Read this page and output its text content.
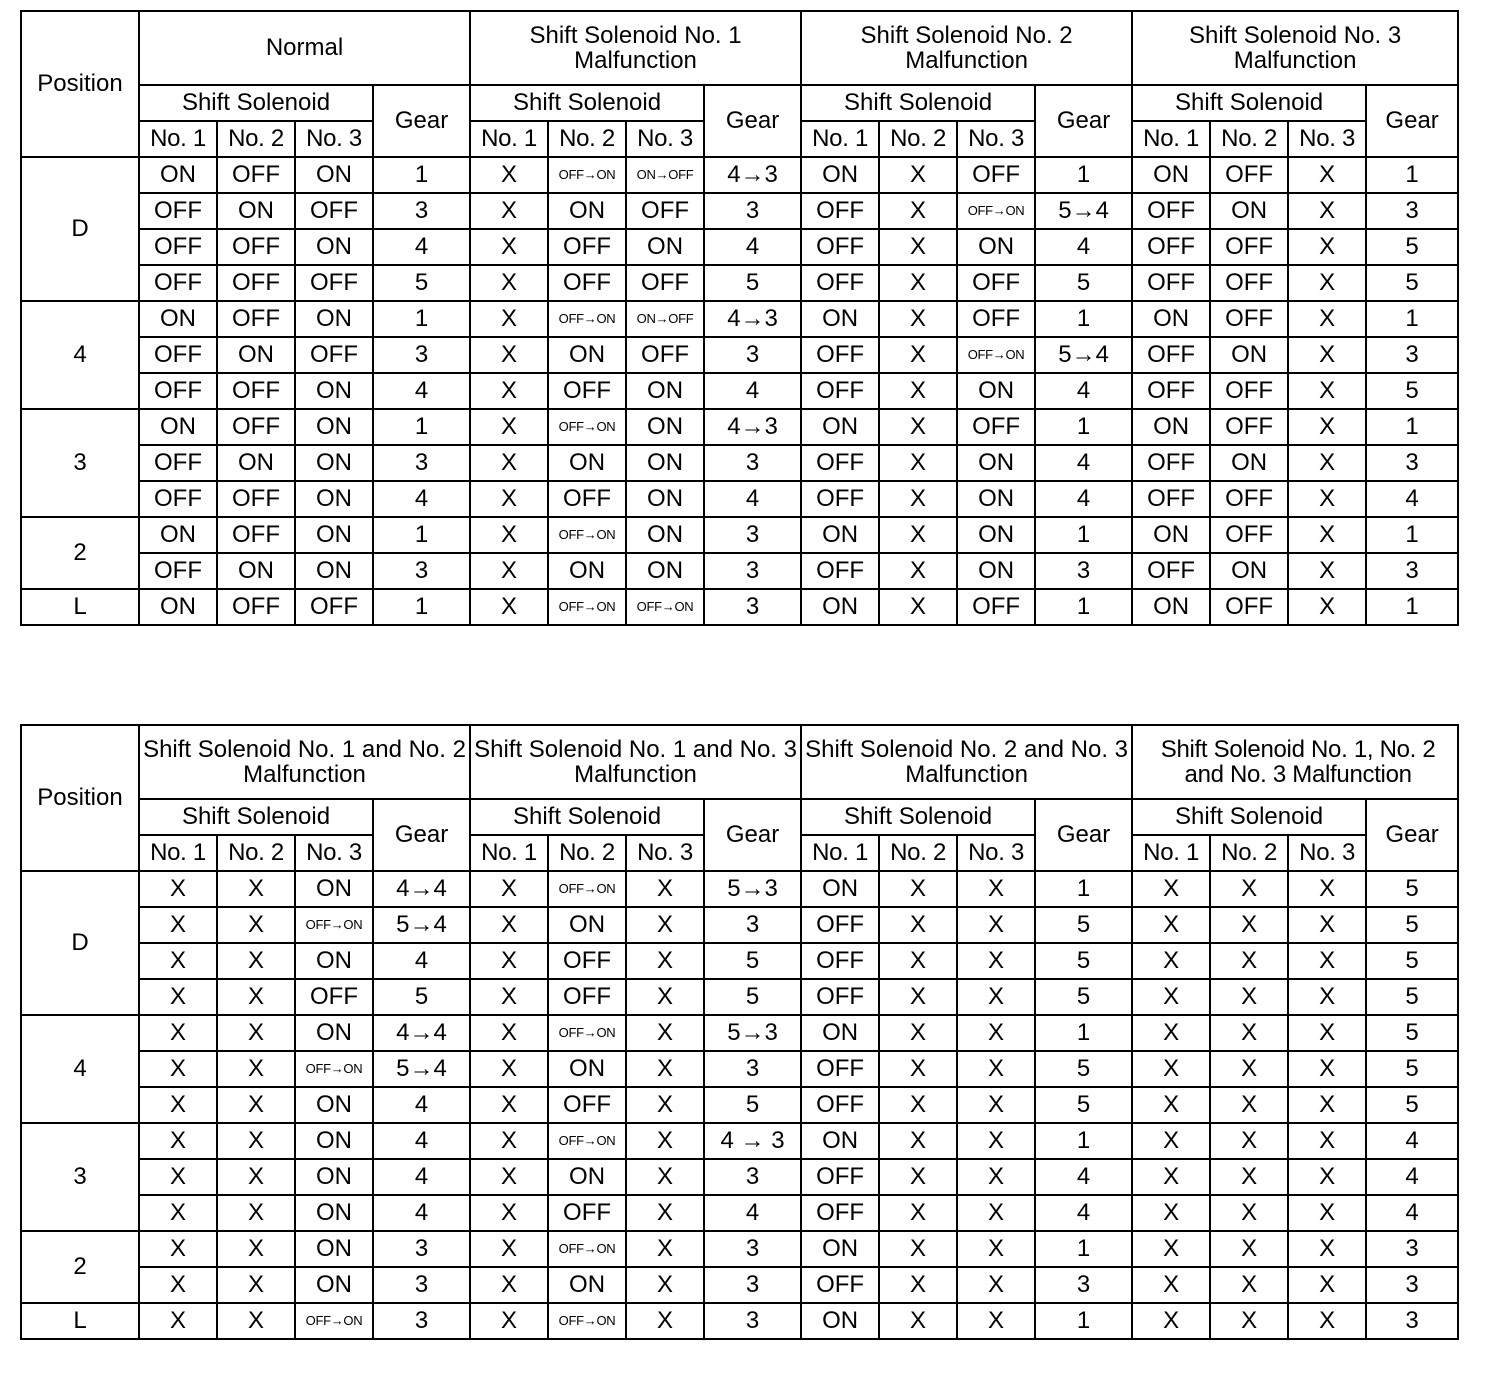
Position	Normal				Shift Solenoid No. 1 Malfunction				Shift Solenoid No. 2 Malfunction				Shift Solenoid No. 3 Malfunction			
	Shift Solenoid			Gear	Shift Solenoid			Gear	Shift Solenoid			Gear	Shift Solenoid			Gear
	No. 1	No. 2	No. 3		No. 1	No. 2	No. 3		No. 1	No. 2	No. 3		No. 1	No. 2	No. 3	
D	ON	OFF	ON	1	X	OFF→ON	ON→OFF	4→3	ON	X	OFF	1	ON	OFF	X	1
	OFF	ON	OFF	3	X	ON	OFF	3	OFF	X	OFF→ON	5→4	OFF	ON	X	3
	OFF	OFF	ON	4	X	OFF	ON	4	OFF	X	ON	4	OFF	OFF	X	5
	OFF	OFF	OFF	5	X	OFF	OFF	5	OFF	X	OFF	5	OFF	OFF	X	5
4	ON	OFF	ON	1	X	OFF→ON	ON→OFF	4→3	ON	X	OFF	1	ON	OFF	X	1
	OFF	ON	OFF	3	X	ON	OFF	3	OFF	X	OFF→ON	5→4	OFF	ON	X	3
	OFF	OFF	ON	4	X	OFF	ON	4	OFF	X	ON	4	OFF	OFF	X	5
3	ON	OFF	ON	1	X	OFF→ON	ON	4→3	ON	X	OFF	1	ON	OFF	X	1
	OFF	ON	ON	3	X	ON	ON	3	OFF	X	ON	4	OFF	ON	X	3
	OFF	OFF	ON	4	X	OFF	ON	4	OFF	X	ON	4	OFF	OFF	X	4
2	ON	OFF	ON	1	X	OFF→ON	ON	3	ON	X	ON	1	ON	OFF	X	1
	OFF	ON	ON	3	X	ON	ON	3	OFF	X	ON	3	OFF	ON	X	3
L	ON	OFF	OFF	1	X	OFF→ON	OFF→ON	3	ON	X	OFF	1	ON	OFF	X	1
Position	Shift Solenoid No. 1 and No. 2 Malfunction				Shift Solenoid No. 1 and No. 3 Malfunction				Shift Solenoid No. 2 and No. 3 Malfunction				Shift Solenoid No. 1, No. 2 and No. 3 Malfunction			
	Shift Solenoid			Gear	Shift Solenoid			Gear	Shift Solenoid			Gear	Shift Solenoid			Gear
	No. 1	No. 2	No. 3		No. 1	No. 2	No. 3		No. 1	No. 2	No. 3		No. 1	No. 2	No. 3	
D	X	X	ON	4→4	X	OFF→ON	X	5→3	ON	X	X	1	X	X	X	5
	X	X	OFF→ON	5→4	X	ON	X	3	OFF	X	X	5	X	X	X	5
	X	X	ON	4	X	OFF	X	5	OFF	X	X	5	X	X	X	5
	X	X	OFF	5	X	OFF	X	5	OFF	X	X	5	X	X	X	5
4	X	X	ON	4→4	X	OFF→ON	X	5→3	ON	X	X	1	X	X	X	5
	X	X	OFF→ON	5→4	X	ON	X	3	OFF	X	X	5	X	X	X	5
	X	X	ON	4	X	OFF	X	5	OFF	X	X	5	X	X	X	5
3	X	X	ON	4	X	OFF→ON	X	4 → 3	ON	X	X	1	X	X	X	4
	X	X	ON	4	X	ON	X	3	OFF	X	X	4	X	X	X	4
	X	X	ON	4	X	OFF	X	4	OFF	X	X	4	X	X	X	4
2	X	X	ON	3	X	OFF→ON	X	3	ON	X	X	1	X	X	X	3
	X	X	ON	3	X	ON	X	3	OFF	X	X	3	X	X	X	3
L	X	X	OFF→ON	3	X	OFF→ON	X	3	ON	X	X	1	X	X	X	3
